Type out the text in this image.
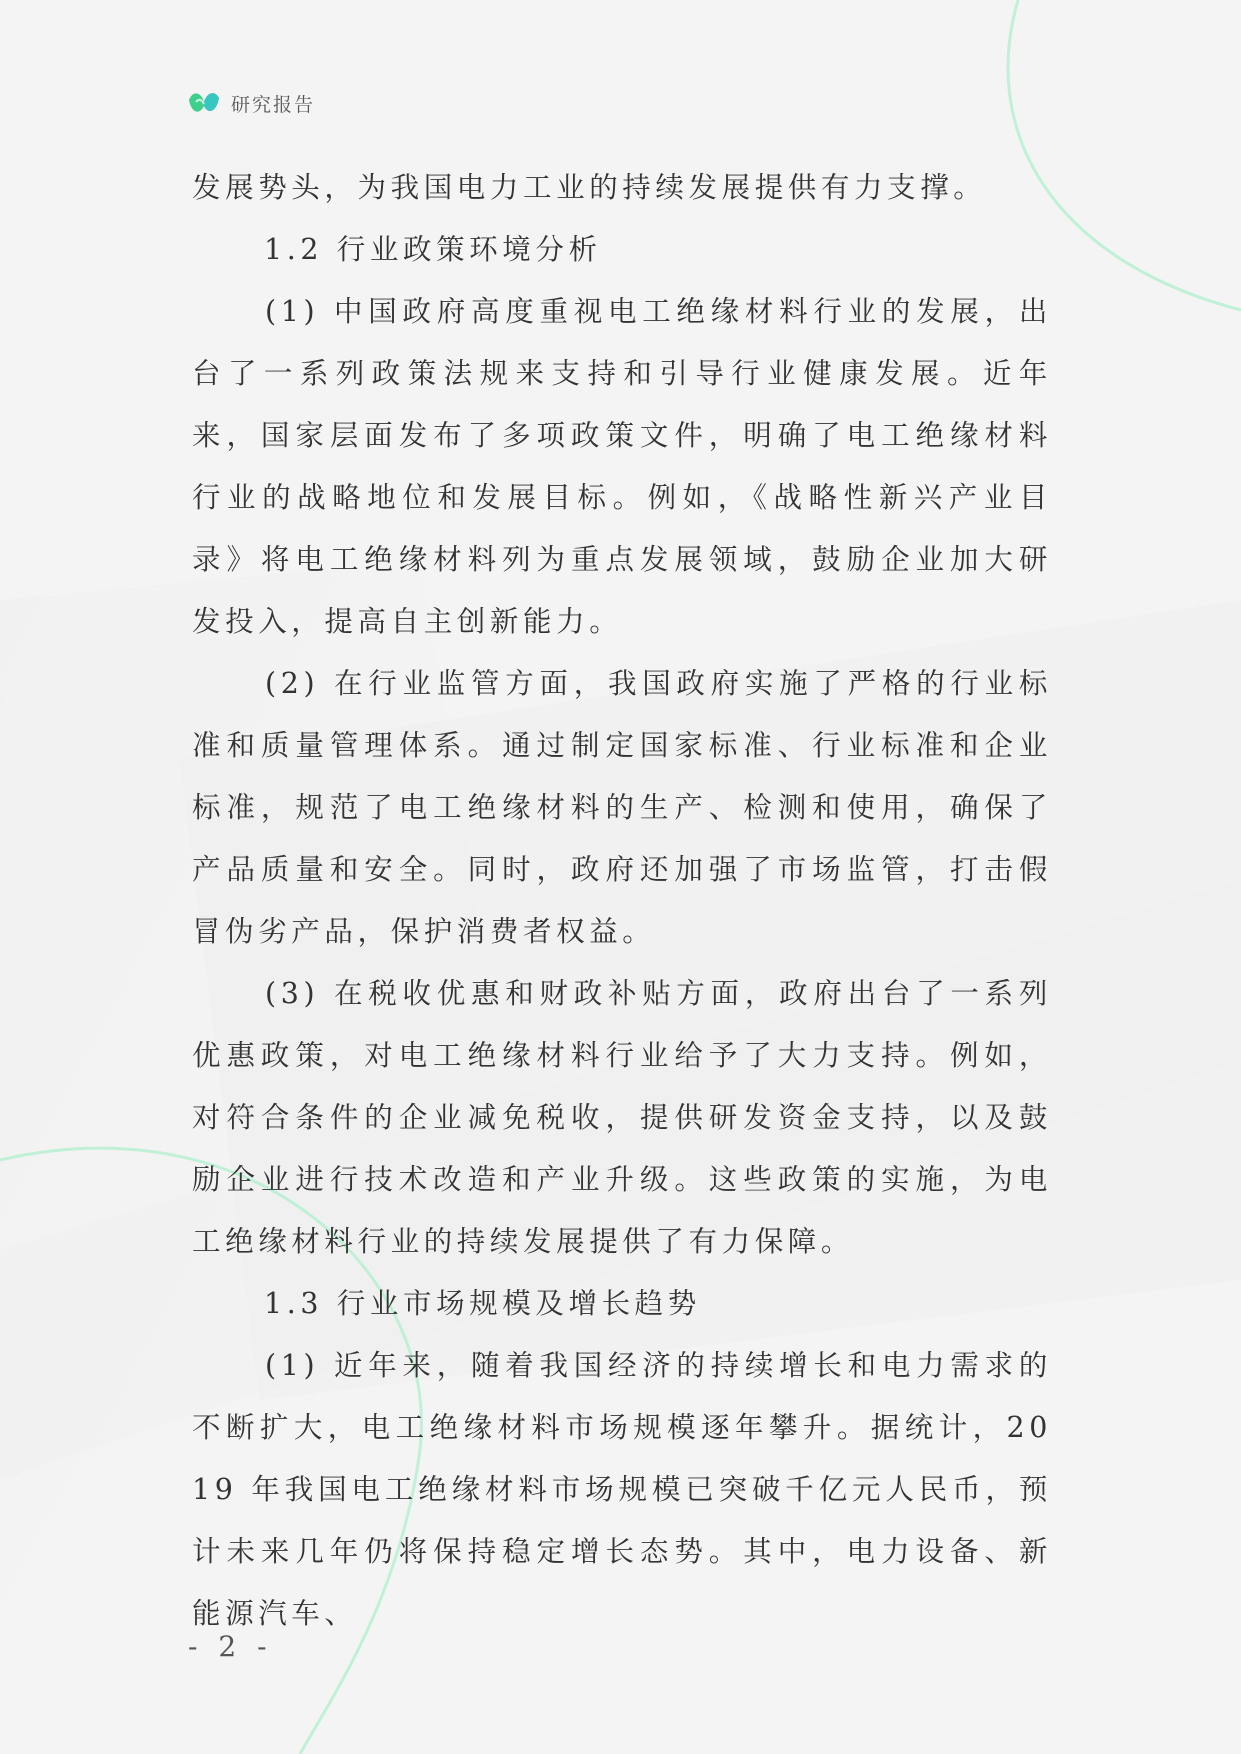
研究报告

发展势头，为我国电力工业的持续发展提供有力支撑。

1.2 行业政策环境分析

(1) 中国政府高度重视电工绝缘材料行业的发展，出台了一系列政策法规来支持和引导行业健康发展。近年来，国家层面发布了多项政策文件，明确了电工绝缘材料行业的战略地位和发展目标。例如，《战略性新兴产业目录》将电工绝缘材料列为重点发展领域，鼓励企业加大研发投入，提高自主创新能力。

(2) 在行业监管方面，我国政府实施了严格的行业标准和质量管理体系。通过制定国家标准、行业标准和企业标准，规范了电工绝缘材料的生产、检测和使用，确保了产品质量和安全。同时，政府还加强了市场监管，打击假冒伪劣产品，保护消费者权益。

(3) 在税收优惠和财政补贴方面，政府出台了一系列优惠政策，对电工绝缘材料行业给予了大力支持。例如，对符合条件的企业减免税收，提供研发资金支持，以及鼓励企业进行技术改造和产业升级。这些政策的实施，为电工绝缘材料行业的持续发展提供了有力保障。

1.3 行业市场规模及增长趋势

(1) 近年来，随着我国经济的持续增长和电力需求的不断扩大，电工绝缘材料市场规模逐年攀升。据统计，2019 年我国电工绝缘材料市场规模已突破千亿元人民币，预计未来几年仍将保持稳定增长态势。其中，电力设备、新能源汽车、

- 2 -
